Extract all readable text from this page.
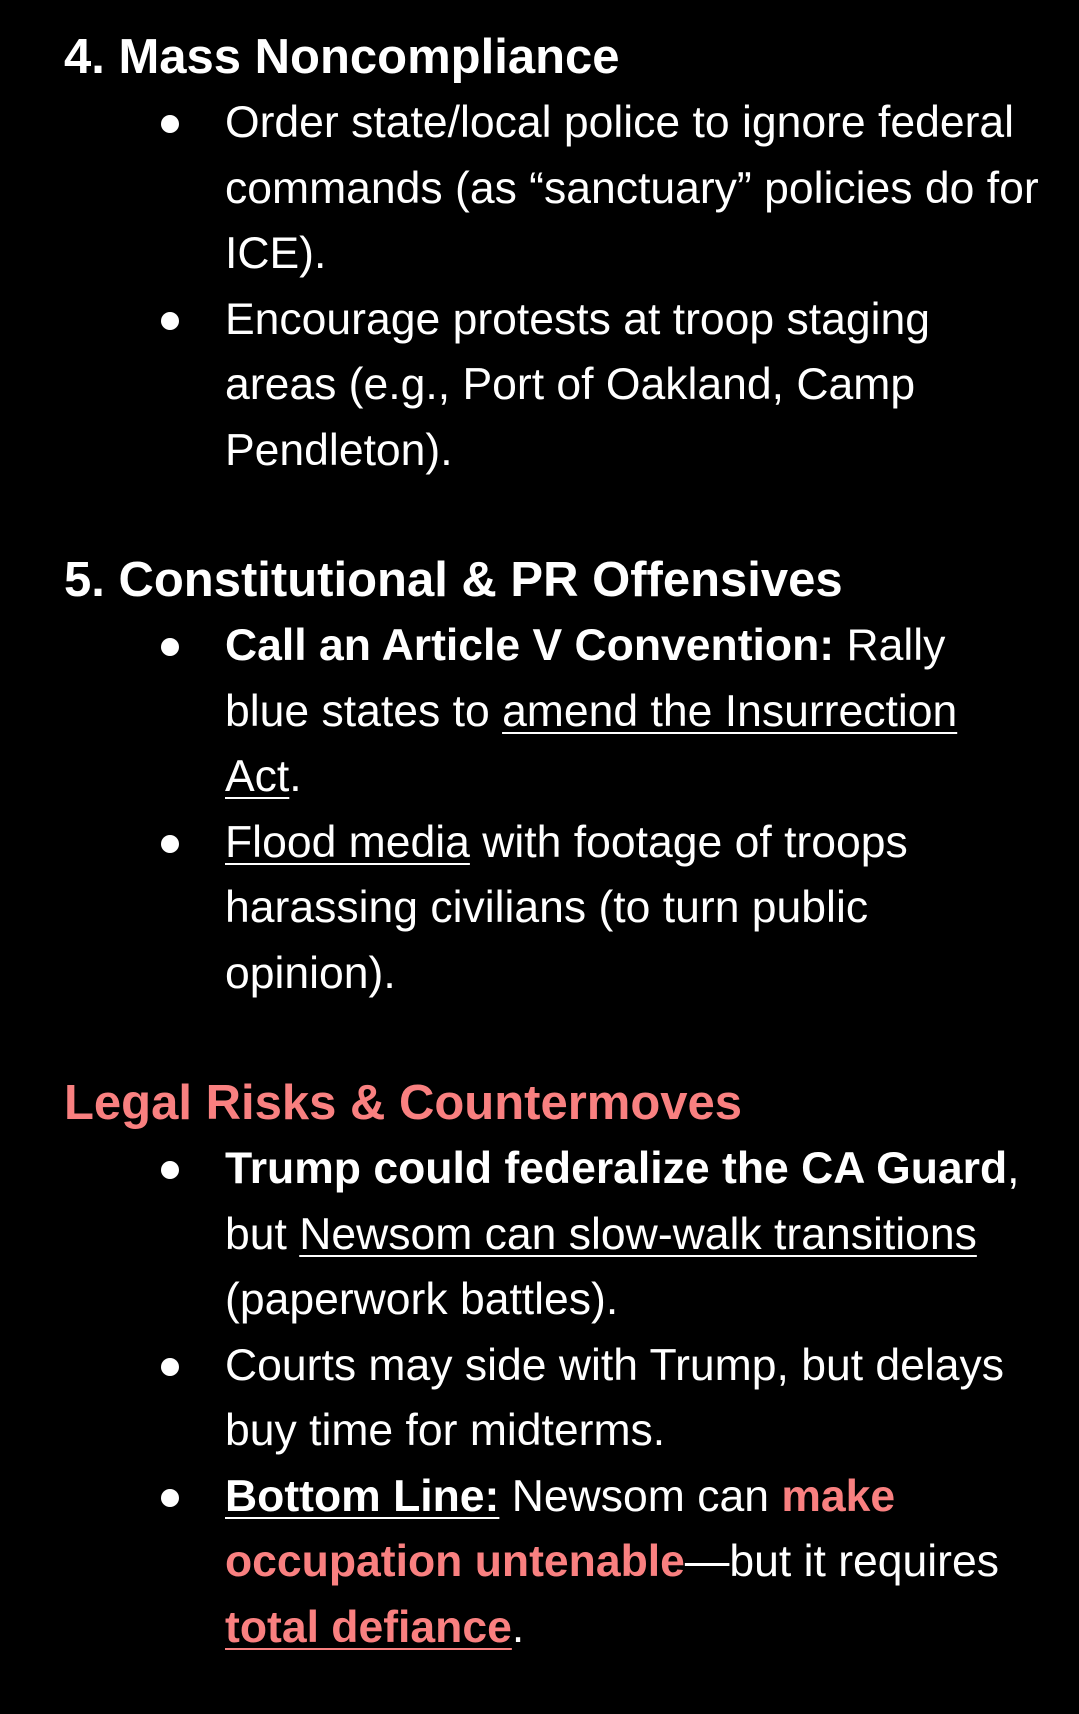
4. Mass Noncompliance
Order state/local police to ignore federal commands (as “sanctuary” policies do for ICE).
Encourage protests at troop staging areas (e.g., Port of Oakland, Camp Pendleton).
5. Constitutional & PR Offensives
Call an Article V Convention: Rally blue states to amend the Insurrection Act.
Flood media with footage of troops harassing civilians (to turn public opinion).
Legal Risks & Countermoves
Trump could federalize the CA Guard, but Newsom can slow-walk transitions (paperwork battles).
Courts may side with Trump, but delays buy time for midterms.
Bottom Line: Newsom can make occupation untenable—but it requires total defiance.
